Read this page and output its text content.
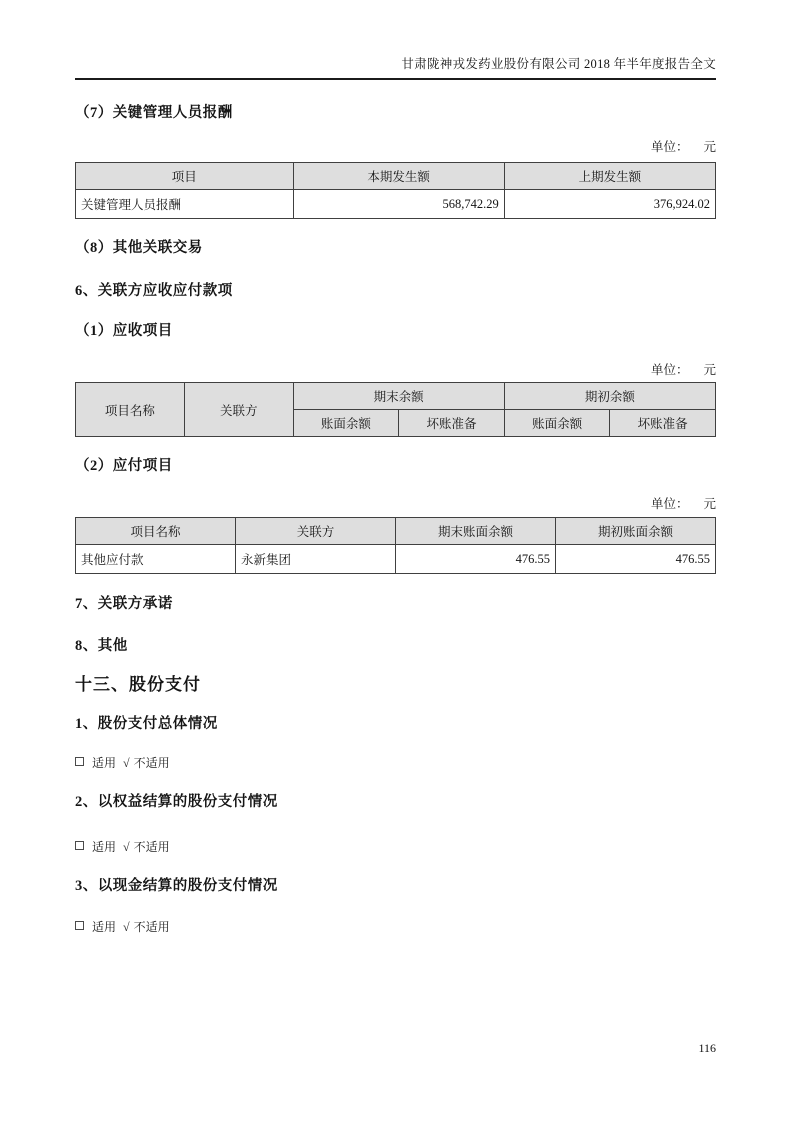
甘肃陇神戎发药业股份有限公司 2018 年半年度报告全文
（7）关键管理人员报酬
单位： 元
项目	本期发生额	上期发生额
关键管理人员报酬	568,742.29	376,924.02
（8）其他关联交易
6、关联方应收应付款项
（1）应收项目
单位： 元
项目名称	关联方	期末余额		期初余额	
		账面余额	坏账准备	账面余额	坏账准备
（2）应付项目
单位： 元
项目名称	关联方	期末账面余额	期初账面余额
其他应付款	永新集团	476.55	476.55
7、关联方承诺
8、其他
十三、股份支付
1、股份支付总体情况
适用 √ 不适用
2、以权益结算的股份支付情况
适用 √ 不适用
3、以现金结算的股份支付情况
适用 √ 不适用
116
